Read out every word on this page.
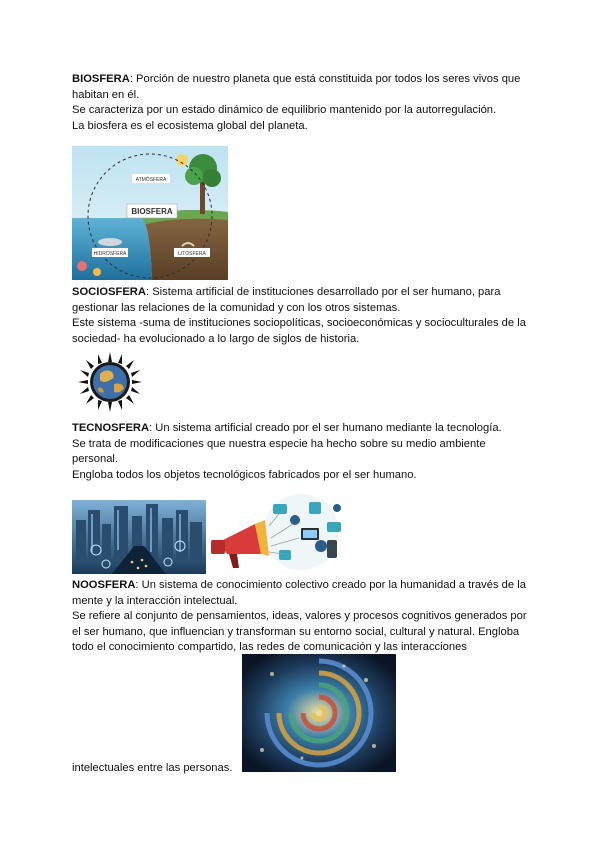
BIOSFERA: Porción de nuestro planeta que está constituida por todos los seres vivos que
habitan en él.
Se caracteriza por un estado dinámico de equilibrio mantenido por la autorregulación.
La biosfera es el ecosistema global del planeta.
BIOSFERA
ATMÓSFERA
HIDROSFERA	LITOSFERA
SOCIOSFERA: Sistema artificial de instituciones desarrollado por el ser humano, para
gestionar las relaciones de la comunidad y con los otros sistemas.
Este sistema -suma de instituciones sociopolíticas, socioeconómicas y socioculturales de la
sociedad- ha evolucionado a lo largo de siglos de historia.
TECNOSFERA: Un sistema artificial creado por el ser humano mediante la tecnología.
Se trata de modificaciones que nuestra especie ha hecho sobre su medio ambiente
personal.
Engloba todos los objetos tecnológicos fabricados por el ser humano.
NOOSFERA: Un sistema de conocimiento colectivo creado por la humanidad a través de la
mente y la interacción intelectual.
Se refiere al conjunto de pensamientos, ideas, valores y procesos cognitivos generados por
el ser humano, que influencian y transforman su entorno social, cultural y natural. Engloba
todo el conocimiento compartido, las redes de comunicación y las interacciones
intelectuales entre las personas.
